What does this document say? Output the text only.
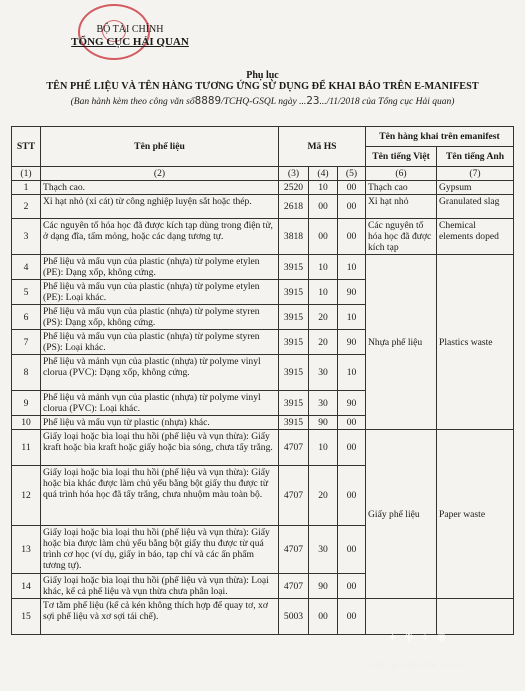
BỘ TÀI CHÍNH
TỔNG CỤC HẢI QUAN
Phụ lục
TÊN PHẾ LIỆU VÀ TÊN HÀNG TƯƠNG ỨNG SỬ DỤNG ĐỂ KHAI BÁO TRÊN E-MANIFEST
(Ban hành kèm theo công văn số8889/TCHQ-GSQL ngày ...23.../11/2018 của Tổng cục Hải quan)
STT	Tên phế liệu	Mã HS			Tên hàng khai trên emanifest	
					Tên tiếng Việt	Tên tiếng Anh
(1)	(2)	(3)	(4)	(5)	(6)	(7)
1	Thạch cao.	2520	10	00	Thạch cao	Gypsum
2	Xỉ hạt nhỏ (xỉ cát) từ công nghiệp luyện sắt hoặc thép.	2618	00	00	Xỉ hạt nhỏ	Granulated slag
3	Các nguyên tố hóa học đã được kích tạp dùng trong điện tử, ở dạng đĩa, tấm mỏng, hoặc các dạng tương tự.	3818	00	00	Các nguyên tố hóa học đã được kích tạp	Chemical elements doped
4	Phế liệu và mẩu vụn của plastic (nhựa) từ polyme etylen (PE): Dạng xốp, không cứng.	3915	10	10	Nhựa phế liệu	Plastics waste
5	Phế liệu và mẩu vụn của plastic (nhựa) từ polyme etylen (PE): Loại khác.	3915	10	90		
6	Phế liệu và mẩu vụn của plastic (nhựa) từ polyme styren (PS): Dạng xốp, không cứng.	3915	20	10		
7	Phế liệu và mẩu vụn của plastic (nhựa) từ polyme styren (PS): Loại khác.	3915	20	90		
8	Phế liệu và mảnh vụn của plastic (nhựa) từ polyme vinyl clorua (PVC): Dạng xốp, không cứng.	3915	30	10		
9	Phế liệu và mảnh vụn của plastic (nhựa) từ polyme vinyl clorua (PVC): Loại khác.	3915	30	90		
10	Phế liệu và mẩu vụn từ plastic (nhựa) khác.	3915	90	00		
11	Giấy loại hoặc bìa loại thu hồi (phế liệu và vụn thừa): Giấy kraft hoặc bìa kraft hoặc giấy hoặc bìa sóng, chưa tẩy trắng.	4707	10	00	Giấy phế liệu	Paper waste
12	Giấy loại hoặc bìa loại thu hồi (phế liệu và vụn thừa): Giấy hoặc bìa khác được làm chủ yếu bằng bột giấy thu được từ quá trình hóa học đã tẩy trắng, chưa nhuộm màu toàn bộ.	4707	20	00		
13	Giấy loại hoặc bìa loại thu hồi (phế liệu và vụn thừa): Giấy hoặc bìa được làm chủ yếu bằng bột giấy thu được từ quá trình cơ học (ví dụ, giấy in báo, tạp chí và các ấn phẩm tương tự).	4707	30	00		
14	Giấy loại hoặc bìa loại thu hồi (phế liệu và vụn thừa): Loại khác, kể cả phế liệu và vụn thừa chưa phân loại.	4707	90	00		
15	Tơ tằm phế liệu (kể cả kén không thích hợp để quay tơ, xơ sợi phế liệu và xơ sợi tái chế).	5003	00	00		
✦ ❉ ✧ ❃
Tơ tằm phế liệu Silk waste
